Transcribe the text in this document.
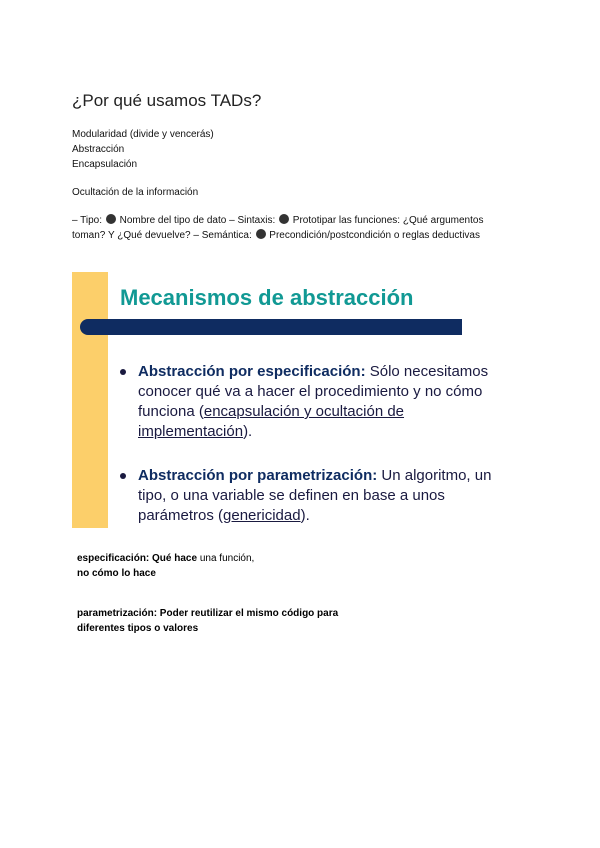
¿Por qué usamos TADs?
Modularidad (divide y vencerás)
Abstracción
Encapsulación
Ocultación de la información
– Tipo:  Nombre del tipo de dato – Sintaxis:  Prototipar las funciones: ¿Qué argumentos toman? Y ¿Qué devuelve? – Semántica:  Precondición/postcondición o reglas deductivas
Mecanismos de abstracción
Abstracción por especificación: Sólo necesitamos conocer qué va a hacer el procedimiento y no cómo funciona (encapsulación y ocultación de implementación).
Abstracción por parametrización: Un algoritmo, un tipo, o una variable se definen en base a unos parámetros (genericidad).
especificación: Qué hace una función,
no cómo lo hace
parametrización: Poder reutilizar el mismo código para
diferentes tipos o valores
